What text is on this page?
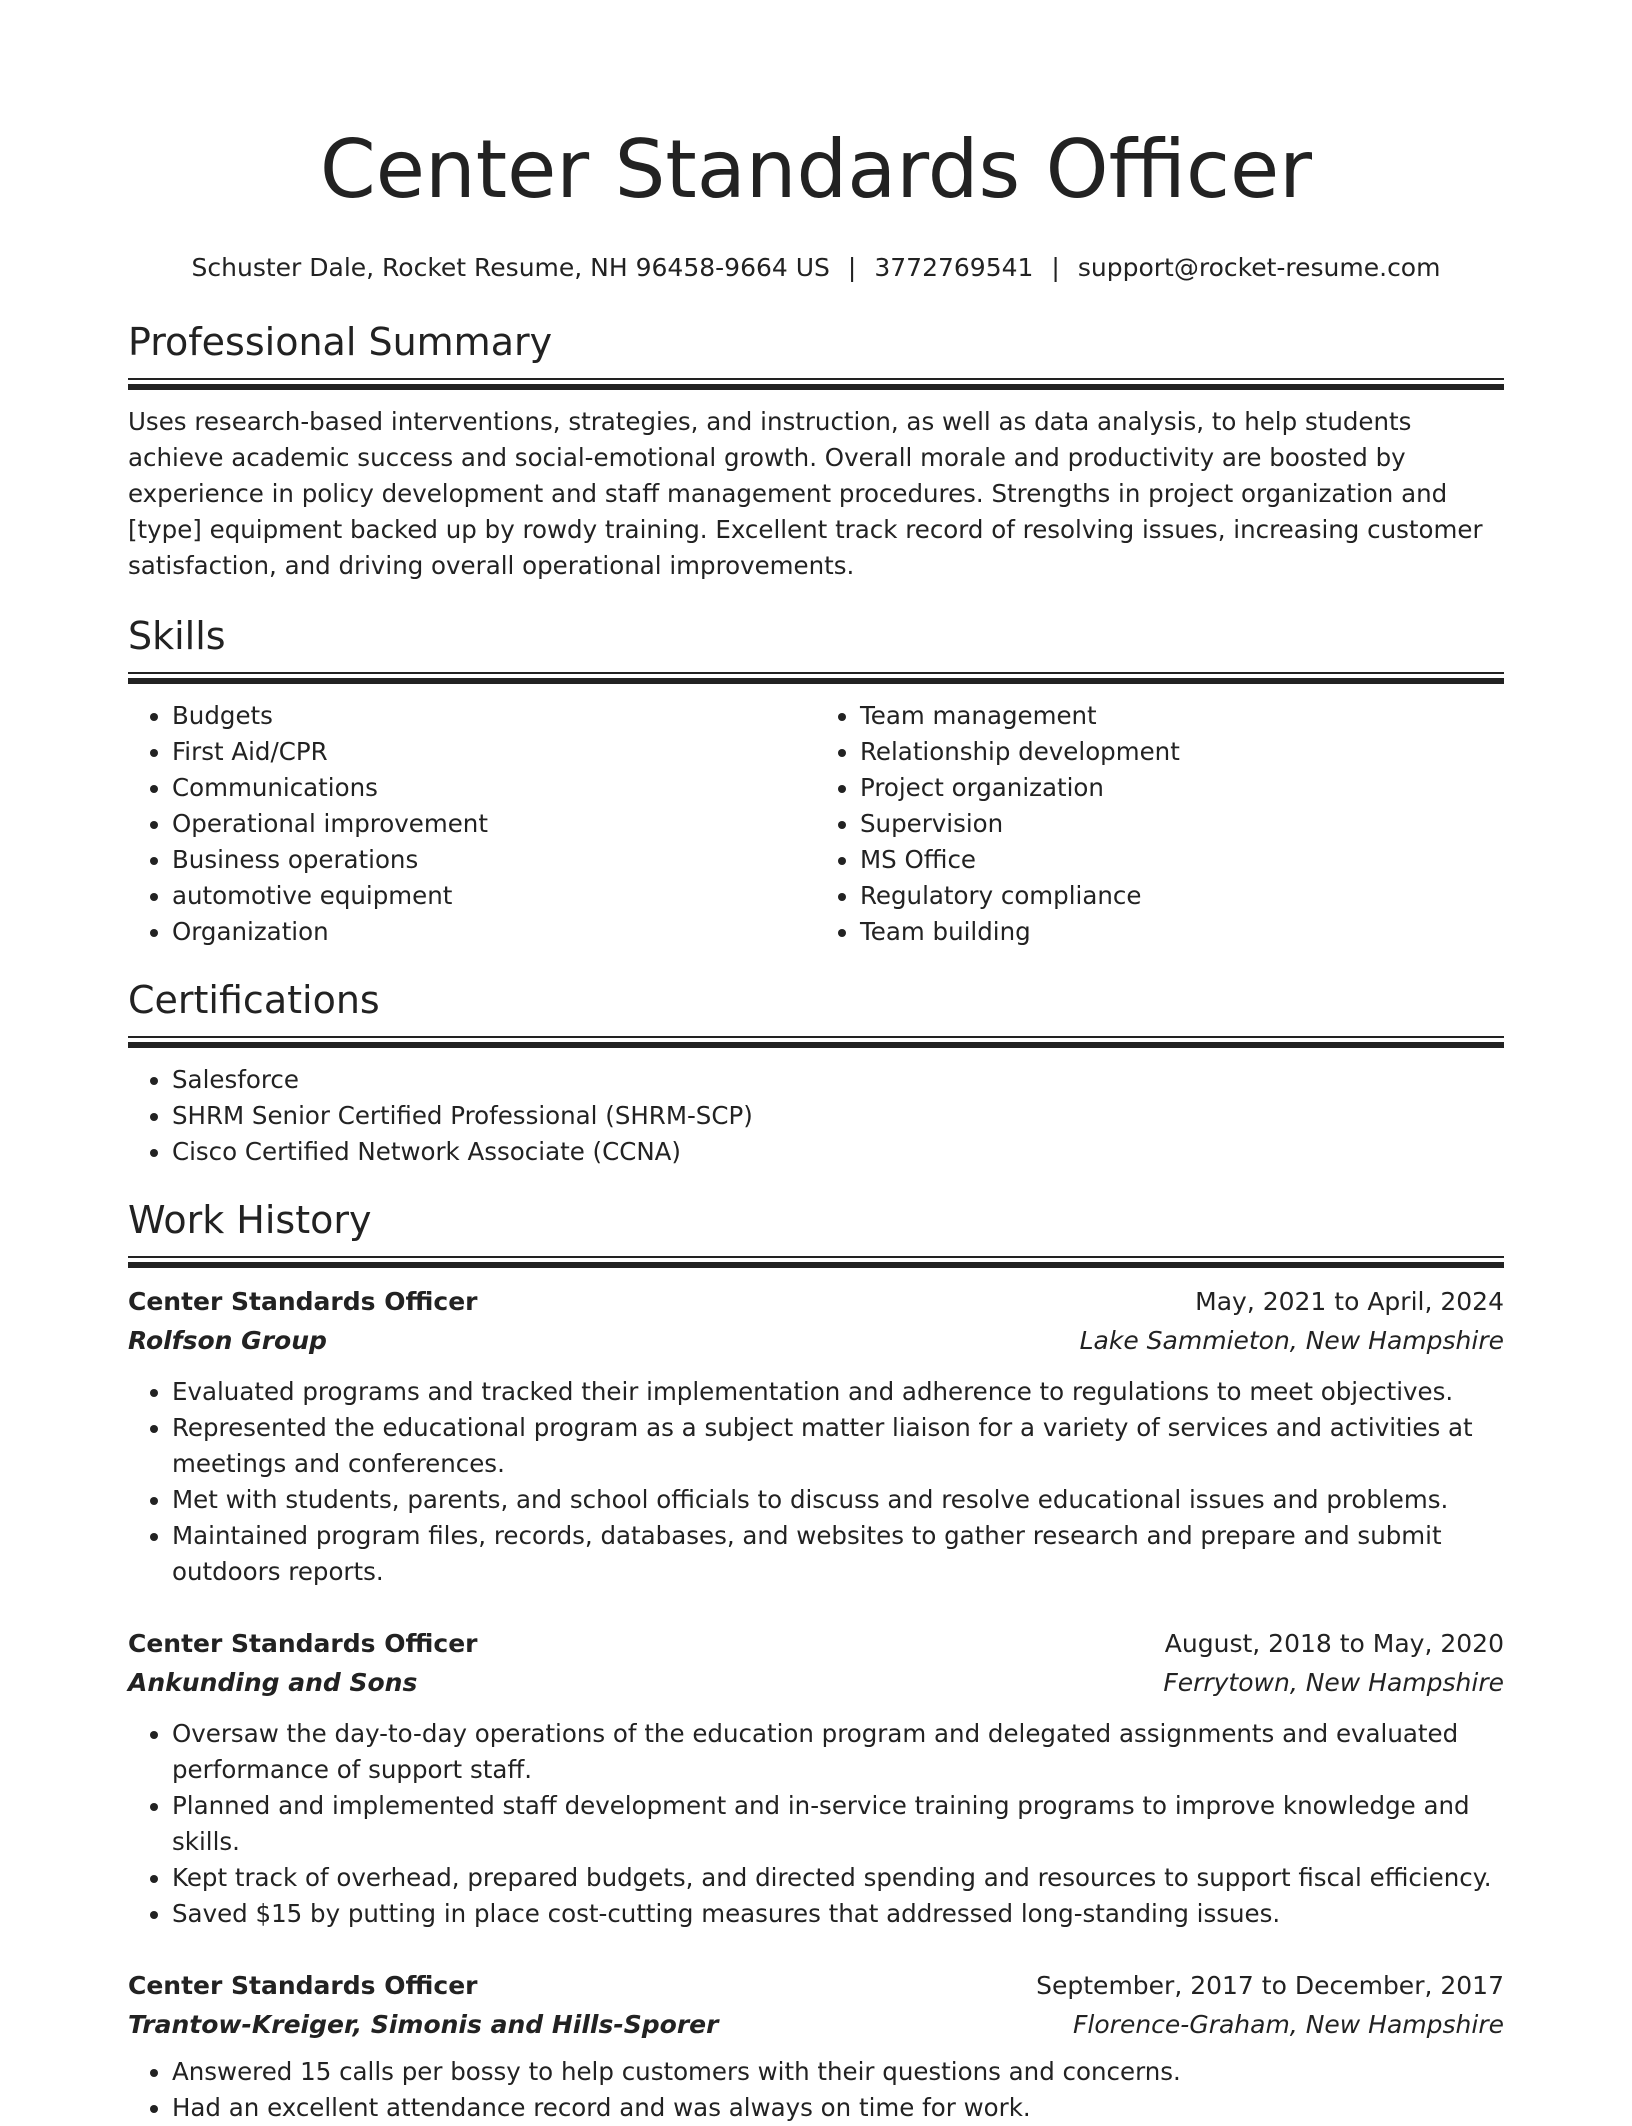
Center Standards Officer
Schuster Dale, Rocket Resume, NH 96458-9664 US | 3772769541 | support@rocket-resume.com
Professional Summary

Uses research-based interventions, strategies, and instruction, as well as data analysis, to help students achieve academic success and social-emotional growth. Overall morale and productivity are boosted by experience in policy development and staff management procedures. Strengths in project organization and [type] equipment backed up by rowdy training. Excellent track record of resolving issues, increasing customer satisfaction, and driving overall operational improvements.

Skills
• Budgets
• First Aid/CPR
• Communications
• Operational improvement
• Business operations
• automotive equipment
• Organization
• Team management
• Relationship development
• Project organization
• Supervision
• MS Office
• Regulatory compliance
• Team building
Certifications
• Salesforce
• SHRM Senior Certified Professional (SHRM-SCP)
• Cisco Certified Network Associate (CCNA)
Work History
Center Standards Officer	May, 2021 to April, 2024
Rolfson Group	Lake Sammieton, New Hampshire
• Evaluated programs and tracked their implementation and adherence to regulations to meet objectives.
• Represented the educational program as a subject matter liaison for a variety of services and activities at meetings and conferences.
• Met with students, parents, and school officials to discuss and resolve educational issues and problems.
• Maintained program files, records, databases, and websites to gather research and prepare and submit outdoors reports.
Center Standards Officer	August, 2018 to May, 2020
Ankunding and Sons	Ferrytown, New Hampshire
• Oversaw the day-to-day operations of the education program and delegated assignments and evaluated performance of support staff.
• Planned and implemented staff development and in-service training programs to improve knowledge and skills.
• Kept track of overhead, prepared budgets, and directed spending and resources to support fiscal efficiency.
• Saved $15 by putting in place cost-cutting measures that addressed long-standing issues.
Center Standards Officer	September, 2017 to December, 2017
Trantow-Kreiger, Simonis and Hills-Sporer	Florence-Graham, New Hampshire
• Answered 15 calls per bossy to help customers with their questions and concerns.
• Had an excellent attendance record and was always on time for work.
